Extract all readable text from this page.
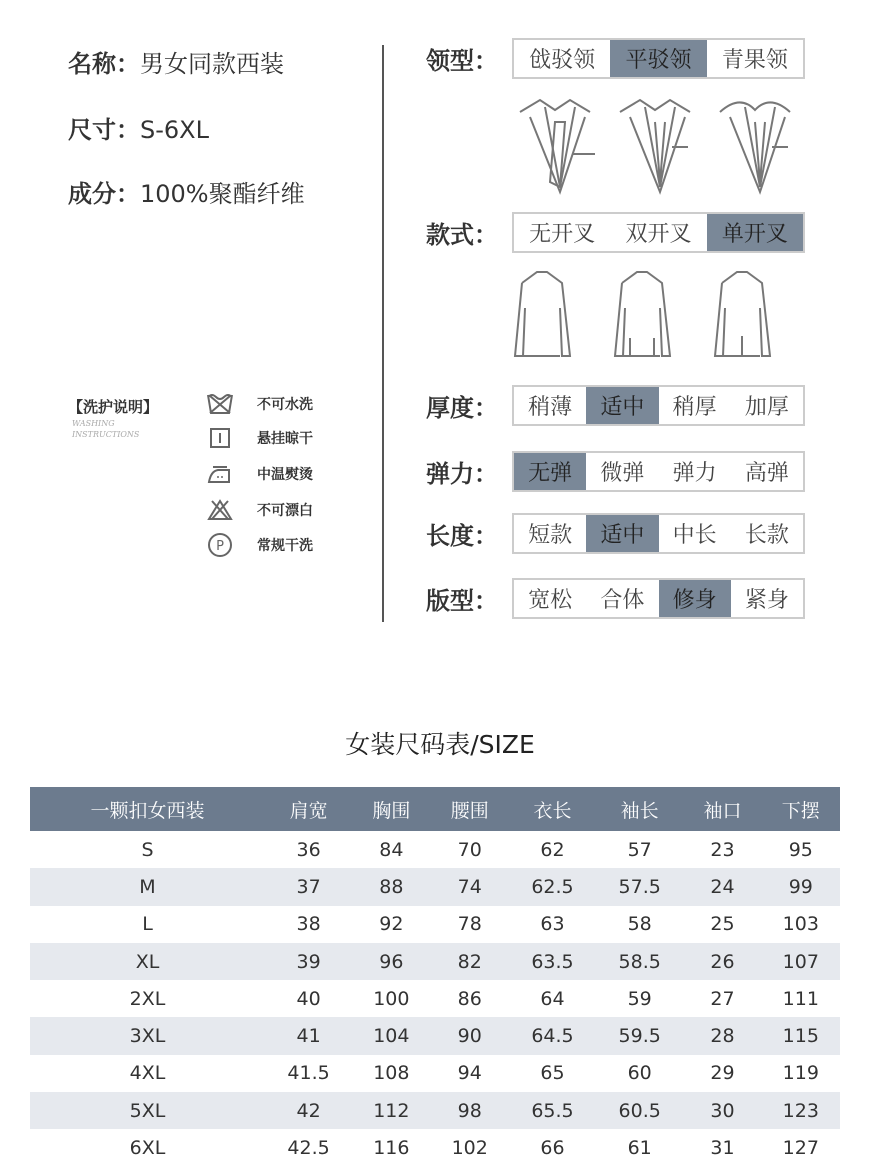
名称：男女同款西装
尺寸：S-6XL
成分：100%聚酯纤维
【洗护说明】
WASHING
INSTRUCTIONS
不可水洗
悬挂晾干
中温熨烫
不可漂白
P 常规干洗
领型：	戗驳领	平驳领	青果领
款式：	无开叉	双开叉	单开叉
厚度：	稍薄	适中	稍厚	加厚
弹力：	无弹	微弹	弹力	高弹
长度：	短款	适中	中长	长款
版型：	宽松	合体	修身	紧身
女装尺码表/SIZE
一颗扣女西装	肩宽	胸围	腰围	衣长	袖长	袖口	下摆
S	36	84	70	62	57	23	95
M	37	88	74	62.5	57.5	24	99
L	38	92	78	63	58	25	103
XL	39	96	82	63.5	58.5	26	107
2XL	40	100	86	64	59	27	111
3XL	41	104	90	64.5	59.5	28	115
4XL	41.5	108	94	65	60	29	119
5XL	42	112	98	65.5	60.5	30	123
6XL	42.5	116	102	66	61	31	127
